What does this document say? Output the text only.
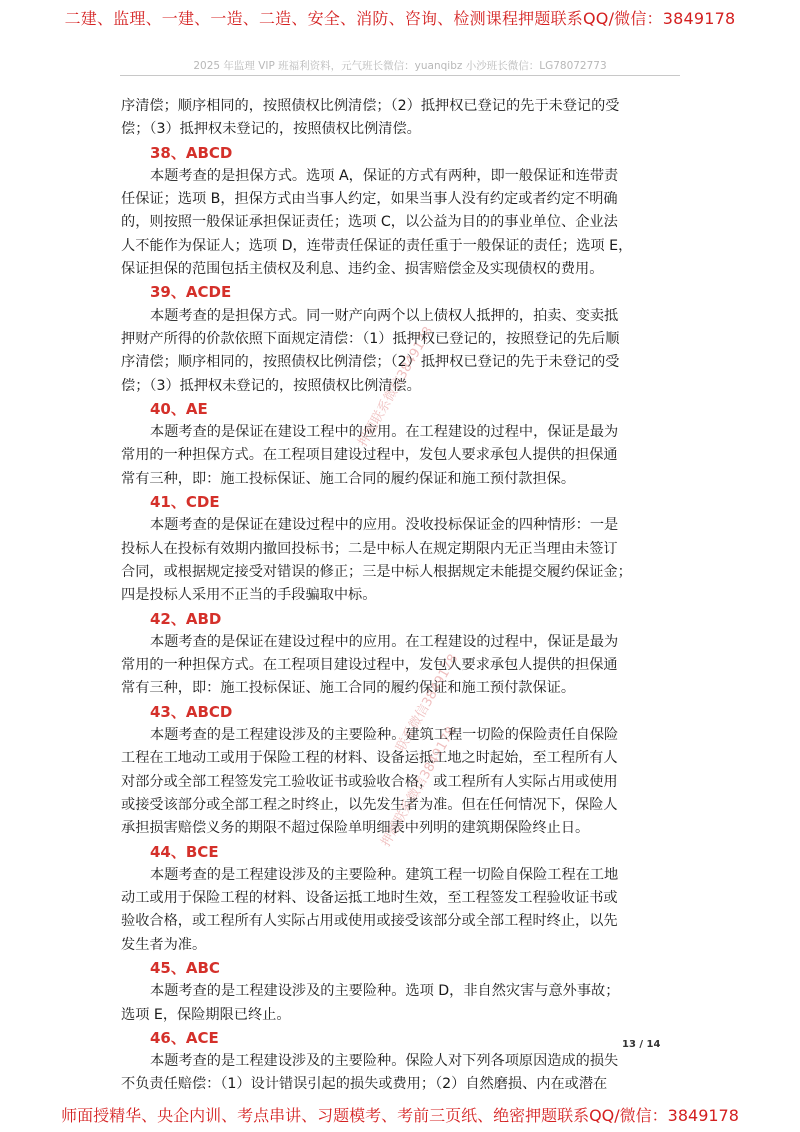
二建、监理、一建、一造、二造、安全、消防、咨询、检测课程押题联系QQ/微信：3849178
2025 年监理 VIP 班福利资料，元气班长微信：yuanqibz 小沙班长微信：LG78072773
押题联系微信3849178
联系微信3849178
押题联系微信3849178
序清偿；顺序相同的，按照债权比例清偿；（2）抵押权已登记的先于未登记的受
偿；（3）抵押权未登记的，按照债权比例清偿。
38、ABCD
本题考查的是担保方式。选项 A，保证的方式有两种，即一般保证和连带责
任保证；选项 B，担保方式由当事人约定，如果当事人没有约定或者约定不明确
的，则按照一般保证承担保证责任；选项 C，以公益为目的的事业单位、企业法
人不能作为保证人；选项 D，连带责任保证的责任重于一般保证的责任；选项 E，
保证担保的范围包括主债权及利息、违约金、损害赔偿金及实现债权的费用。
39、ACDE
本题考查的是担保方式。同一财产向两个以上债权人抵押的，拍卖、变卖抵
押财产所得的价款依照下面规定清偿：（1）抵押权已登记的，按照登记的先后顺
序清偿；顺序相同的，按照债权比例清偿；（2）抵押权已登记的先于未登记的受
偿；（3）抵押权未登记的，按照债权比例清偿。
40、AE
本题考查的是保证在建设工程中的应用。在工程建设的过程中，保证是最为
常用的一种担保方式。在工程项目建设过程中，发包人要求承包人提供的担保通
常有三种，即：施工投标保证、施工合同的履约保证和施工预付款担保。
41、CDE
本题考查的是保证在建设过程中的应用。没收投标保证金的四种情形：一是
投标人在投标有效期内撤回投标书；二是中标人在规定期限内无正当理由未签订
合同，或根据规定接受对错误的修正；三是中标人根据规定未能提交履约保证金；
四是投标人采用不正当的手段骗取中标。
42、ABD
本题考查的是保证在建设过程中的应用。在工程建设的过程中，保证是最为
常用的一种担保方式。在工程项目建设过程中，发包人要求承包人提供的担保通
常有三种，即：施工投标保证、施工合同的履约保证和施工预付款保证。
43、ABCD
本题考查的是工程建设涉及的主要险种。建筑工程一切险的保险责任自保险
工程在工地动工或用于保险工程的材料、设备运抵工地之时起始，至工程所有人
对部分或全部工程签发完工验收证书或验收合格，或工程所有人实际占用或使用
或接受该部分或全部工程之时终止，以先发生者为准。但在任何情况下，保险人
承担损害赔偿义务的期限不超过保险单明细表中列明的建筑期保险终止日。
44、BCE
本题考查的是工程建设涉及的主要险种。建筑工程一切险自保险工程在工地
动工或用于保险工程的材料、设备运抵工地时生效，至工程签发工程验收证书或
验收合格，或工程所有人实际占用或使用或接受该部分或全部工程时终止，以先
发生者为准。
45、ABC
本题考查的是工程建设涉及的主要险种。选项 D，非自然灾害与意外事故；
选项 E，保险期限已终止。
46、ACE
本题考查的是工程建设涉及的主要险种。保险人对下列各项原因造成的损失
不负责任赔偿：（1）设计错误引起的损失或费用；（2）自然磨损、内在或潜在
13 / 14
师面授精华、央企内训、考点串讲、习题模考、考前三页纸、绝密押题联系QQ/微信：3849178
